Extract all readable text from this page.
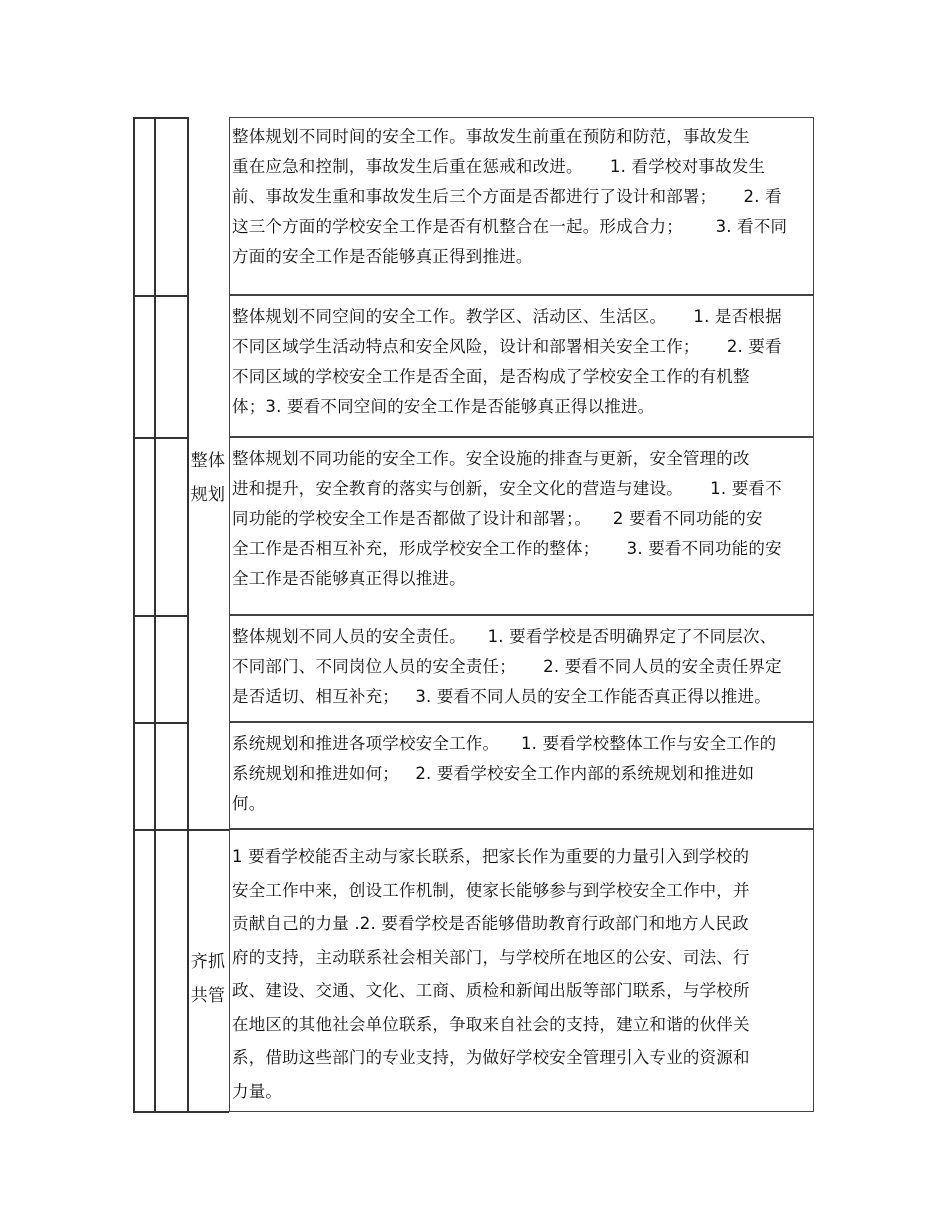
整体
规划
齐抓
共管
整体规划不同时间的安全工作。事故发生前重在预防和防范，事故发生
重在应急和控制，事故发生后重在惩戒和改进。     1. 看学校对事故发生
前、事故发生重和事故发生后三个方面是否都进行了设计和部署；     2. 看
这三个方面的学校安全工作是否有机整合在一起。形成合力；      3. 看不同
方面的安全工作是否能够真正得到推进。
整体规划不同空间的安全工作。教学区、活动区、生活区。     1. 是否根据
不同区域学生活动特点和安全风险，设计和部署相关安全工作；     2. 要看
不同区域的学校安全工作是否全面，是否构成了学校安全工作的有机整
体；3. 要看不同空间的安全工作是否能够真正得以推进。
整体规划不同功能的安全工作。安全设施的排查与更新，安全管理的改
进和提升，安全教育的落实与创新，安全文化的营造与建设。     1. 要看不
同功能的学校安全工作是否都做了设计和部署；。    2 要看不同功能的安
全工作是否相互补充，形成学校安全工作的整体；     3. 要看不同功能的安
全工作是否能够真正得以推进。
整体规划不同人员的安全责任。    1. 要看学校是否明确界定了不同层次、
不同部门、不同岗位人员的安全责任；     2. 要看不同人员的安全责任界定
是否适切、相互补充；   3. 要看不同人员的安全工作能否真正得以推进。
系统规划和推进各项学校安全工作。    1. 要看学校整体工作与安全工作的
系统规划和推进如何；   2. 要看学校安全工作内部的系统规划和推进如
何。
1 要看学校能否主动与家长联系，把家长作为重要的力量引入到学校的
安全工作中来，创设工作机制，使家长能够参与到学校安全工作中，并
贡献自己的力量 .2. 要看学校是否能够借助教育行政部门和地方人民政
府的支持，主动联系社会相关部门，与学校所在地区的公安、司法、行
政、建设、交通、文化、工商、质检和新闻出版等部门联系，与学校所
在地区的其他社会单位联系，争取来自社会的支持，建立和谐的伙伴关
系，借助这些部门的专业支持，为做好学校安全管理引入专业的资源和
力量。
